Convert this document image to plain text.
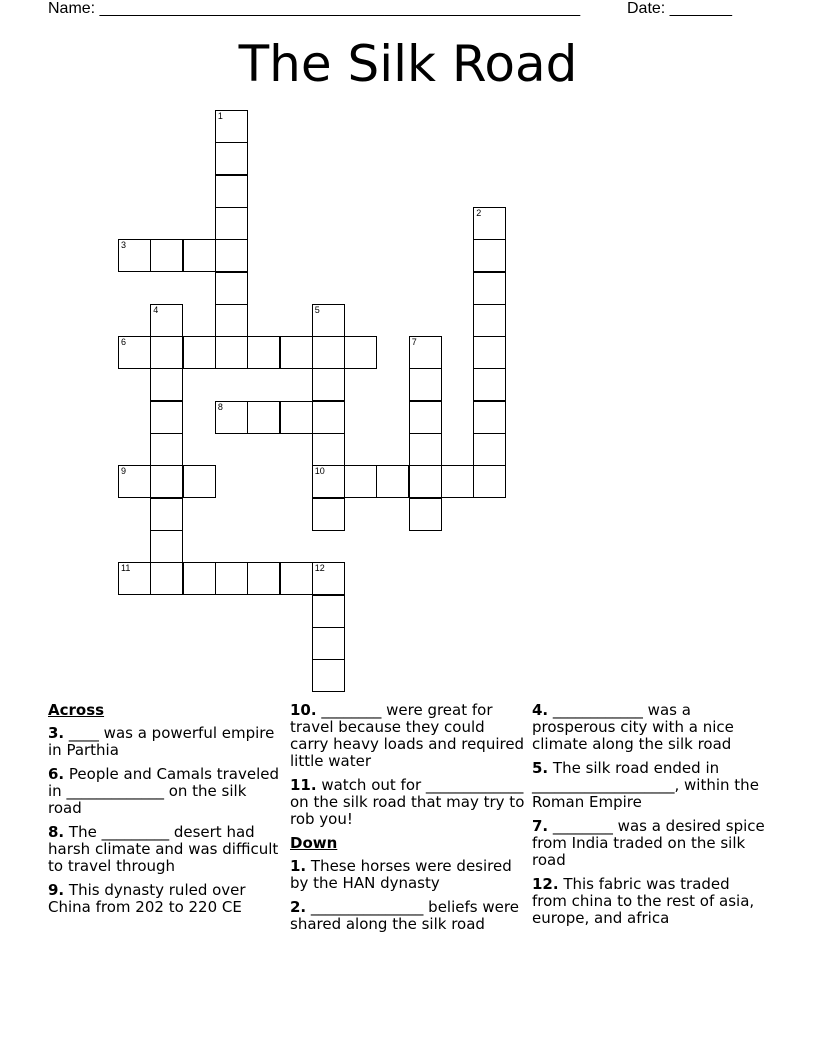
Name: ______________________________________________________	Date: _______
The Silk Road
1
2
3
4	5
6	7
8
9	10
11	12
Across
3. ____ was a powerful empire in Parthia
6. People and Camals traveled in _____________ on the silk road
8. The _________ desert had harsh climate and was difficult to travel through
9. This dynasty ruled over China from 202 to 220 CE
10. ________ were great for travel because they could carry heavy loads and required little water
11. watch out for _____________ on the silk road that may try to rob you!
Down
1. These horses were desired by the HAN dynasty
2. _______________ beliefs were shared along the silk road
4. ____________ was a prosperous city with a nice climate along the silk road
5. The silk road ended in ___________________, within the Roman Empire
7. ________ was a desired spice from India traded on the silk road
12. This fabric was traded from china to the rest of asia, europe, and africa
